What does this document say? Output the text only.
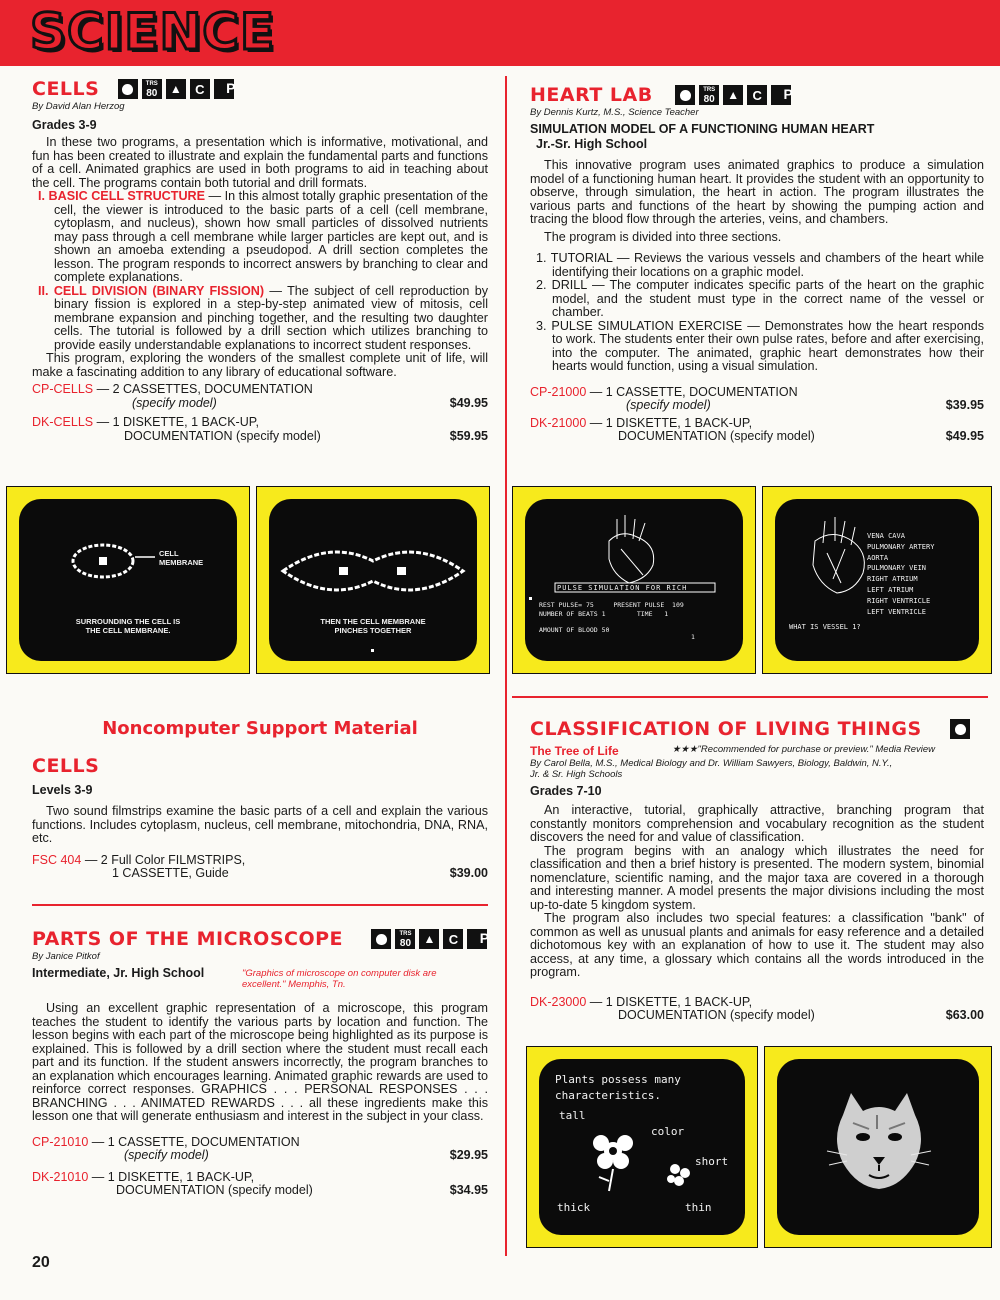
SCIENCE
CELLS	TRS
80
▲
C
P
By David Alan Herzog
Grades 3-9

In these two programs, a presentation which is informative, motivational, and fun has been created to illustrate and explain the fundamental parts and functions of a cell. Animated graphics are used in both programs to aid in teaching about the cell. The programs contain both tutorial and drill formats.

I. BASIC CELL STRUCTURE — In this almost totally graphic presentation of the cell, the viewer is introduced to the basic parts of a cell (cell membrane, cytoplasm, and nucleus), shown how small particles of dissolved nutrients may pass through a cell membrane while larger particles are kept out, and is shown an amoeba extending a pseudopod. A drill section completes the lesson. The program responds to incorrect answers by branching to clear and complete explanations.

II. CELL DIVISION (BINARY FISSION) — The subject of cell reproduction by binary fission is explored in a step-by-step animated view of mitosis, cell membrane expansion and pinching together, and the resulting two daughter cells. The tutorial is followed by a drill section which utilizes branching to provide easily understandable explanations to incorrect student responses.

This program, exploring the wonders of the smallest complete unit of life, will make a fascinating addition to any library of educational software.

CP-CELLS — 2 CASSETTES, DOCUMENTATION
(specify model)	$49.95
DK-CELLS — 1 DISKETTE, 1 BACK-UP,
DOCUMENTATION (specify model)	$59.95
CELL
MEMBRANE
SURROUNDING THE CELL IS
THE CELL MEMBRANE.
THEN THE CELL MEMBRANE
PINCHES TOGETHER
Noncomputer Support Material
CELLS
Levels 3-9

Two sound filmstrips examine the basic parts of a cell and explain the various functions. Includes cytoplasm, nucleus, cell membrane, mitochondria, DNA, RNA, etc.

FSC 404 — 2 Full Color FILMSTRIPS,
1 CASSETTE, Guide	$39.00
PARTS OF THE MICROSCOPE	TRS
80
▲
C
P
By Janice Pitkof
Intermediate, Jr. High School	"Graphics of microscope on computer disk are excellent." Memphis, Tn.

Using an excellent graphic representation of a microscope, this program teaches the student to identify the various parts by location and function. The lesson begins with each part of the microscope being highlighted as its purpose is explained. This is followed by a drill section where the student must recall each part and its function. If the student answers incorrectly, the program branches to an explanation which encourages learning. Animated graphic rewards are used to reinforce correct responses. GRAPHICS . . . PERSONAL RESPONSES . . . BRANCHING . . . ANIMATED REWARDS . . . all these ingredients make this lesson one that will generate enthusiasm and interest in the subject in your class.

CP-21010 — 1 CASSETTE, DOCUMENTATION
(specify model)	$29.95
DK-21010 — 1 DISKETTE, 1 BACK-UP,
DOCUMENTATION (specify model)	$34.95
20
HEART LAB	TRS
80
▲
C
P
By Dennis Kurtz, M.S., Science Teacher
SIMULATION MODEL OF A FUNCTIONING HUMAN HEART
Jr.-Sr. High School

This innovative program uses animated graphics to produce a simulation model of a functioning human heart. It provides the student with an opportunity to observe, through simulation, the heart in action. The program illustrates the various parts and functions of the heart by showing the pumping action and tracing the blood flow through the arteries, veins, and chambers.

The program is divided into three sections.

1. TUTORIAL — Reviews the various vessels and chambers of the heart while identifying their locations on a graphic model.

2. DRILL — The computer indicates specific parts of the heart on the graphic model, and the student must type in the correct name of the vessel or chamber.

3. PULSE SIMULATION EXERCISE — Demonstrates how the heart responds to work. The students enter their own pulse rates, before and after exercising, into the computer. The animated, graphic heart demonstrates how their hearts would function, using a visual simulation.

CP-21000 — 1 CASSETTE, DOCUMENTATION
(specify model)	$39.95
DK-21000 — 1 DISKETTE, 1 BACK-UP,
DOCUMENTATION (specify model)	$49.95
PULSE SIMULATION FOR RICH
REST PULSE= 75     PRESENT PULSE  109
NUMBER OF BEATS 1        TIME   1
AMOUNT OF BLOOD 50
1
VENA CAVA
PULMONARY ARTERY
AORTA
PULMONARY VEIN
RIGHT ATRIUM
LEFT ATRIUM
RIGHT VENTRICLE
LEFT VENTRICLE
WHAT IS VESSEL 1?
CLASSIFICATION OF LIVING THINGS
The Tree of Life	★★★"Recommended for purchase or preview." Media Review
By Carol Bella, M.S., Medical Biology and Dr. William Sawyers, Biology, Baldwin, N.Y., Jr. & Sr. High Schools
Grades 7-10

An interactive, tutorial, graphically attractive, branching program that constantly monitors comprehension and vocabulary recognition as the student discovers the need for and value of classification.

The program begins with an analogy which illustrates the need for classification and then a brief history is presented. The modern system, binomial nomenclature, scientific naming, and the major taxa are covered in a thorough and interesting manner. A model presents the major divisions including the most up-to-date 5 kingdom system.

The program also includes two special features: a classification "bank" of common as well as unusual plants and animals for easy reference and a detailed dichotomous key with an explanation of how to use it. The student may also access, at any time, a glossary which contains all the words introduced in the program.

DK-23000 — 1 DISKETTE, 1 BACK-UP,
DOCUMENTATION (specify model)	$63.00
Plants possess many
characteristics.
tall
color
short
thick	thin
